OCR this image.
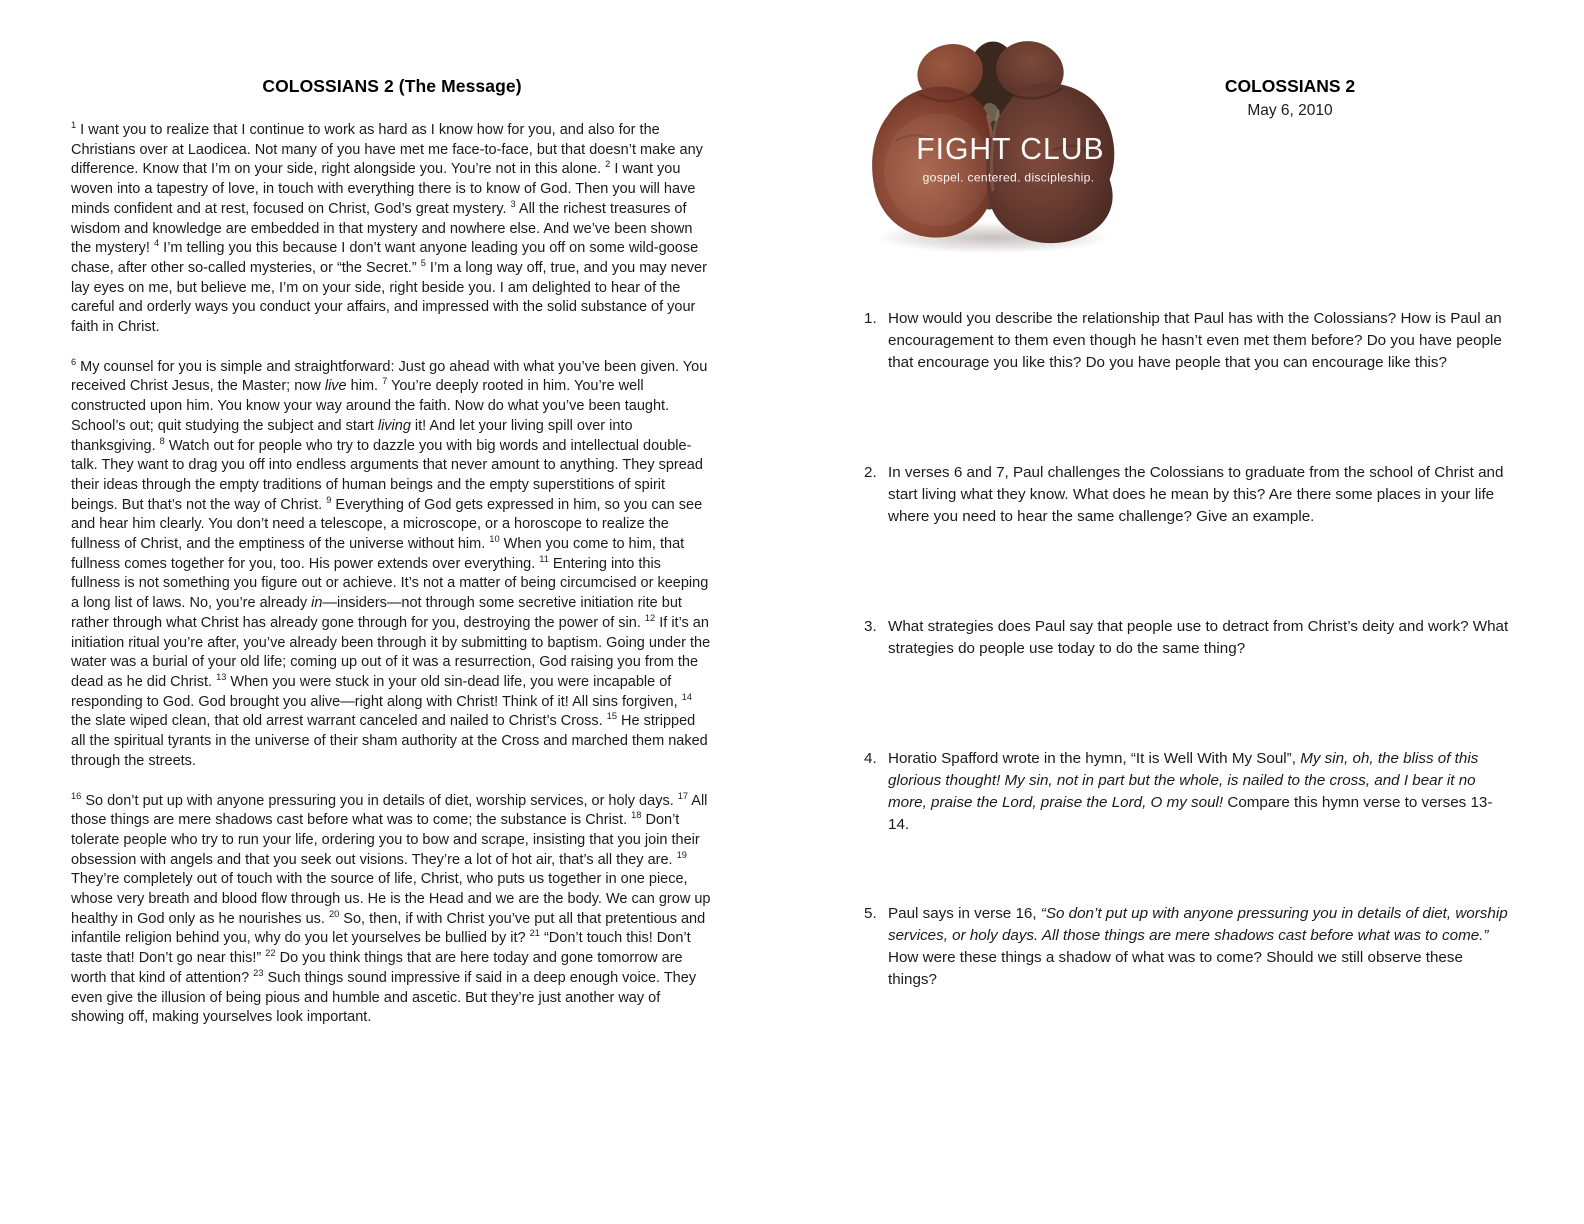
COLOSSIANS 2 (The Message)

$^1$ I want you to realize that I continue to work as hard as I know how for you, and also for the Christians over at Laodicea. Not many of you have met me face-to-face, but that doesn’t make any difference. Know that I’m on your side, right alongside you. You’re not in this alone. $^2$ I want you woven into a tapestry of love, in touch with everything there is to know of God. Then you will have minds confident and at rest, focused on Christ, God’s great mystery. $^3$ All the richest treasures of wisdom and knowledge are embedded in that mystery and nowhere else. And we’ve been shown the mystery! $^4$ I’m telling you this because I don’t want anyone leading you off on some wild-goose chase, after other so-called mysteries, or “the Secret.” $^5$ I’m a long way off, true, and you may never lay eyes on me, but believe me, I’m on your side, right beside you. I am delighted to hear of the careful and orderly ways you conduct your affairs, and impressed with the solid substance of your faith in Christ.

$^6$ My counsel for you is simple and straightforward: Just go ahead with what you’ve been given. You received Christ Jesus, the Master; now live him. $^7$ You’re deeply rooted in him. You’re well constructed upon him. You know your way around the faith. Now do what you’ve been taught. School’s out; quit studying the subject and start living it! And let your living spill over into thanksgiving. $^8$ Watch out for people who try to dazzle you with big words and intellectual double-talk. They want to drag you off into endless arguments that never amount to anything. They spread their ideas through the empty traditions of human beings and the empty superstitions of spirit beings. But that’s not the way of Christ. $^9$ Everything of God gets expressed in him, so you can see and hear him clearly. You don’t need a telescope, a microscope, or a horoscope to realize the fullness of Christ, and the emptiness of the universe without him. $^{10}$ When you come to him, that fullness comes together for you, too. His power extends over everything. $^{11}$ Entering into this fullness is not something you figure out or achieve. It’s not a matter of being circumcised or keeping a long list of laws. No, you’re already in—insiders—not through some secretive initiation rite but rather through what Christ has already gone through for you, destroying the power of sin. $^{12}$ If it’s an initiation ritual you’re after, you’ve already been through it by submitting to baptism. Going under the water was a burial of your old life; coming up out of it was a resurrection, God raising you from the dead as he did Christ. $^{13}$ When you were stuck in your old sin-dead life, you were incapable of responding to God. God brought you alive—right along with Christ! Think of it! All sins forgiven, $^{14}$ the slate wiped clean, that old arrest warrant canceled and nailed to Christ’s Cross. $^{15}$ He stripped all the spiritual tyrants in the universe of their sham authority at the Cross and marched them naked through the streets.

$^{16}$ So don’t put up with anyone pressuring you in details of diet, worship services, or holy days. $^{17}$ All those things are mere shadows cast before what was to come; the substance is Christ. $^{18}$ Don’t tolerate people who try to run your life, ordering you to bow and scrape, insisting that you join their obsession with angels and that you seek out visions. They’re a lot of hot air, that’s all they are. $^{19}$ They’re completely out of touch with the source of life, Christ, who puts us together in one piece, whose very breath and blood flow through us. He is the Head and we are the body. We can grow up healthy in God only as he nourishes us. $^{20}$ So, then, if with Christ you’ve put all that pretentious and infantile religion behind you, why do you let yourselves be bullied by it? $^{21}$ “Don’t touch this! Don’t taste that! Don’t go near this!” $^{22}$ Do you think things that are here today and gone tomorrow are worth that kind of attention? $^{23}$ Such things sound impressive if said in a deep enough voice. They even give the illusion of being pious and humble and ascetic. But they’re just another way of showing off, making yourselves look important.

FIGHT CLUB
gospel. centered. discipleship.
COLOSSIANS 2
May 6, 2010
1. How would you describe the relationship that Paul has with the Colossians? How is Paul an encouragement to them even though he hasn’t even met them before? Do you have people that encourage you like this? Do you have people that you can encourage like this?
2. In verses 6 and 7, Paul challenges the Colossians to graduate from the school of Christ and start living what they know. What does he mean by this? Are there some places in your life where you need to hear the same challenge? Give an example.
3. What strategies does Paul say that people use to detract from Christ’s deity and work? What strategies do people use today to do the same thing?
4. Horatio Spafford wrote in the hymn, “It is Well With My Soul”, My sin, oh, the bliss of this glorious thought! My sin, not in part but the whole, is nailed to the cross, and I bear it no more, praise the Lord, praise the Lord, O my soul! Compare this hymn verse to verses 13-14.
5. Paul says in verse 16, “So don’t put up with anyone pressuring you in details of diet, worship services, or holy days. All those things are mere shadows cast before what was to come.” How were these things a shadow of what was to come? Should we still observe these things?
